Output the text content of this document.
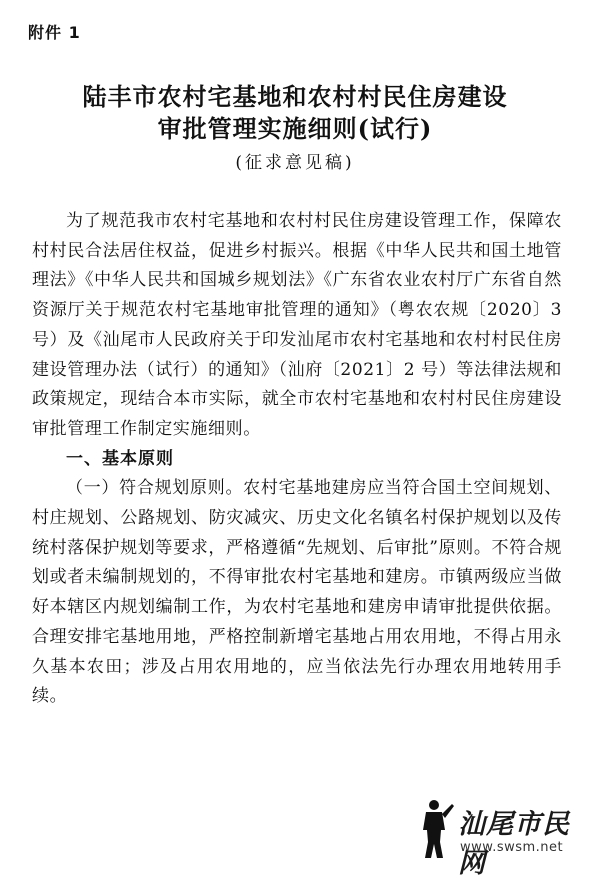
附件 1
陆丰市农村宅基地和农村村民住房建设
审批管理实施细则(试行)
(征求意见稿)

为了规范我市农村宅基地和农村村民住房建设管理工作，保障农村村民合法居住权益，促进乡村振兴。根据《中华人民共和国土地管理法》《中华人民共和国城乡规划法》《广东省农业农村厅广东省自然资源厅关于规范农村宅基地审批管理的通知》（粤农农规〔2020〕3 号）及《汕尾市人民政府关于印发汕尾市农村宅基地和农村村民住房建设管理办法（试行）的通知》（汕府〔2021〕2 号）等法律法规和政策规定，现结合本市实际，就全市农村宅基地和农村村民住房建设审批管理工作制定实施细则。

一、基本原则

（一）符合规划原则。农村宅基地建房应当符合国土空间规划、村庄规划、公路规划、防灾减灾、历史文化名镇名村保护规划以及传统村落保护规划等要求，严格遵循“先规划、后审批”原则。不符合规划或者未编制规划的，不得审批农村宅基地和建房。市镇两级应当做好本辖区内规划编制工作，为农村宅基地和建房申请审批提供依据。合理安排宅基地用地，严格控制新增宅基地占用农用地，不得占用永久基本农田；涉及占用农用地的，应当依法先行办理农用地转用手续。

汕尾市民网
www.swsm.net
